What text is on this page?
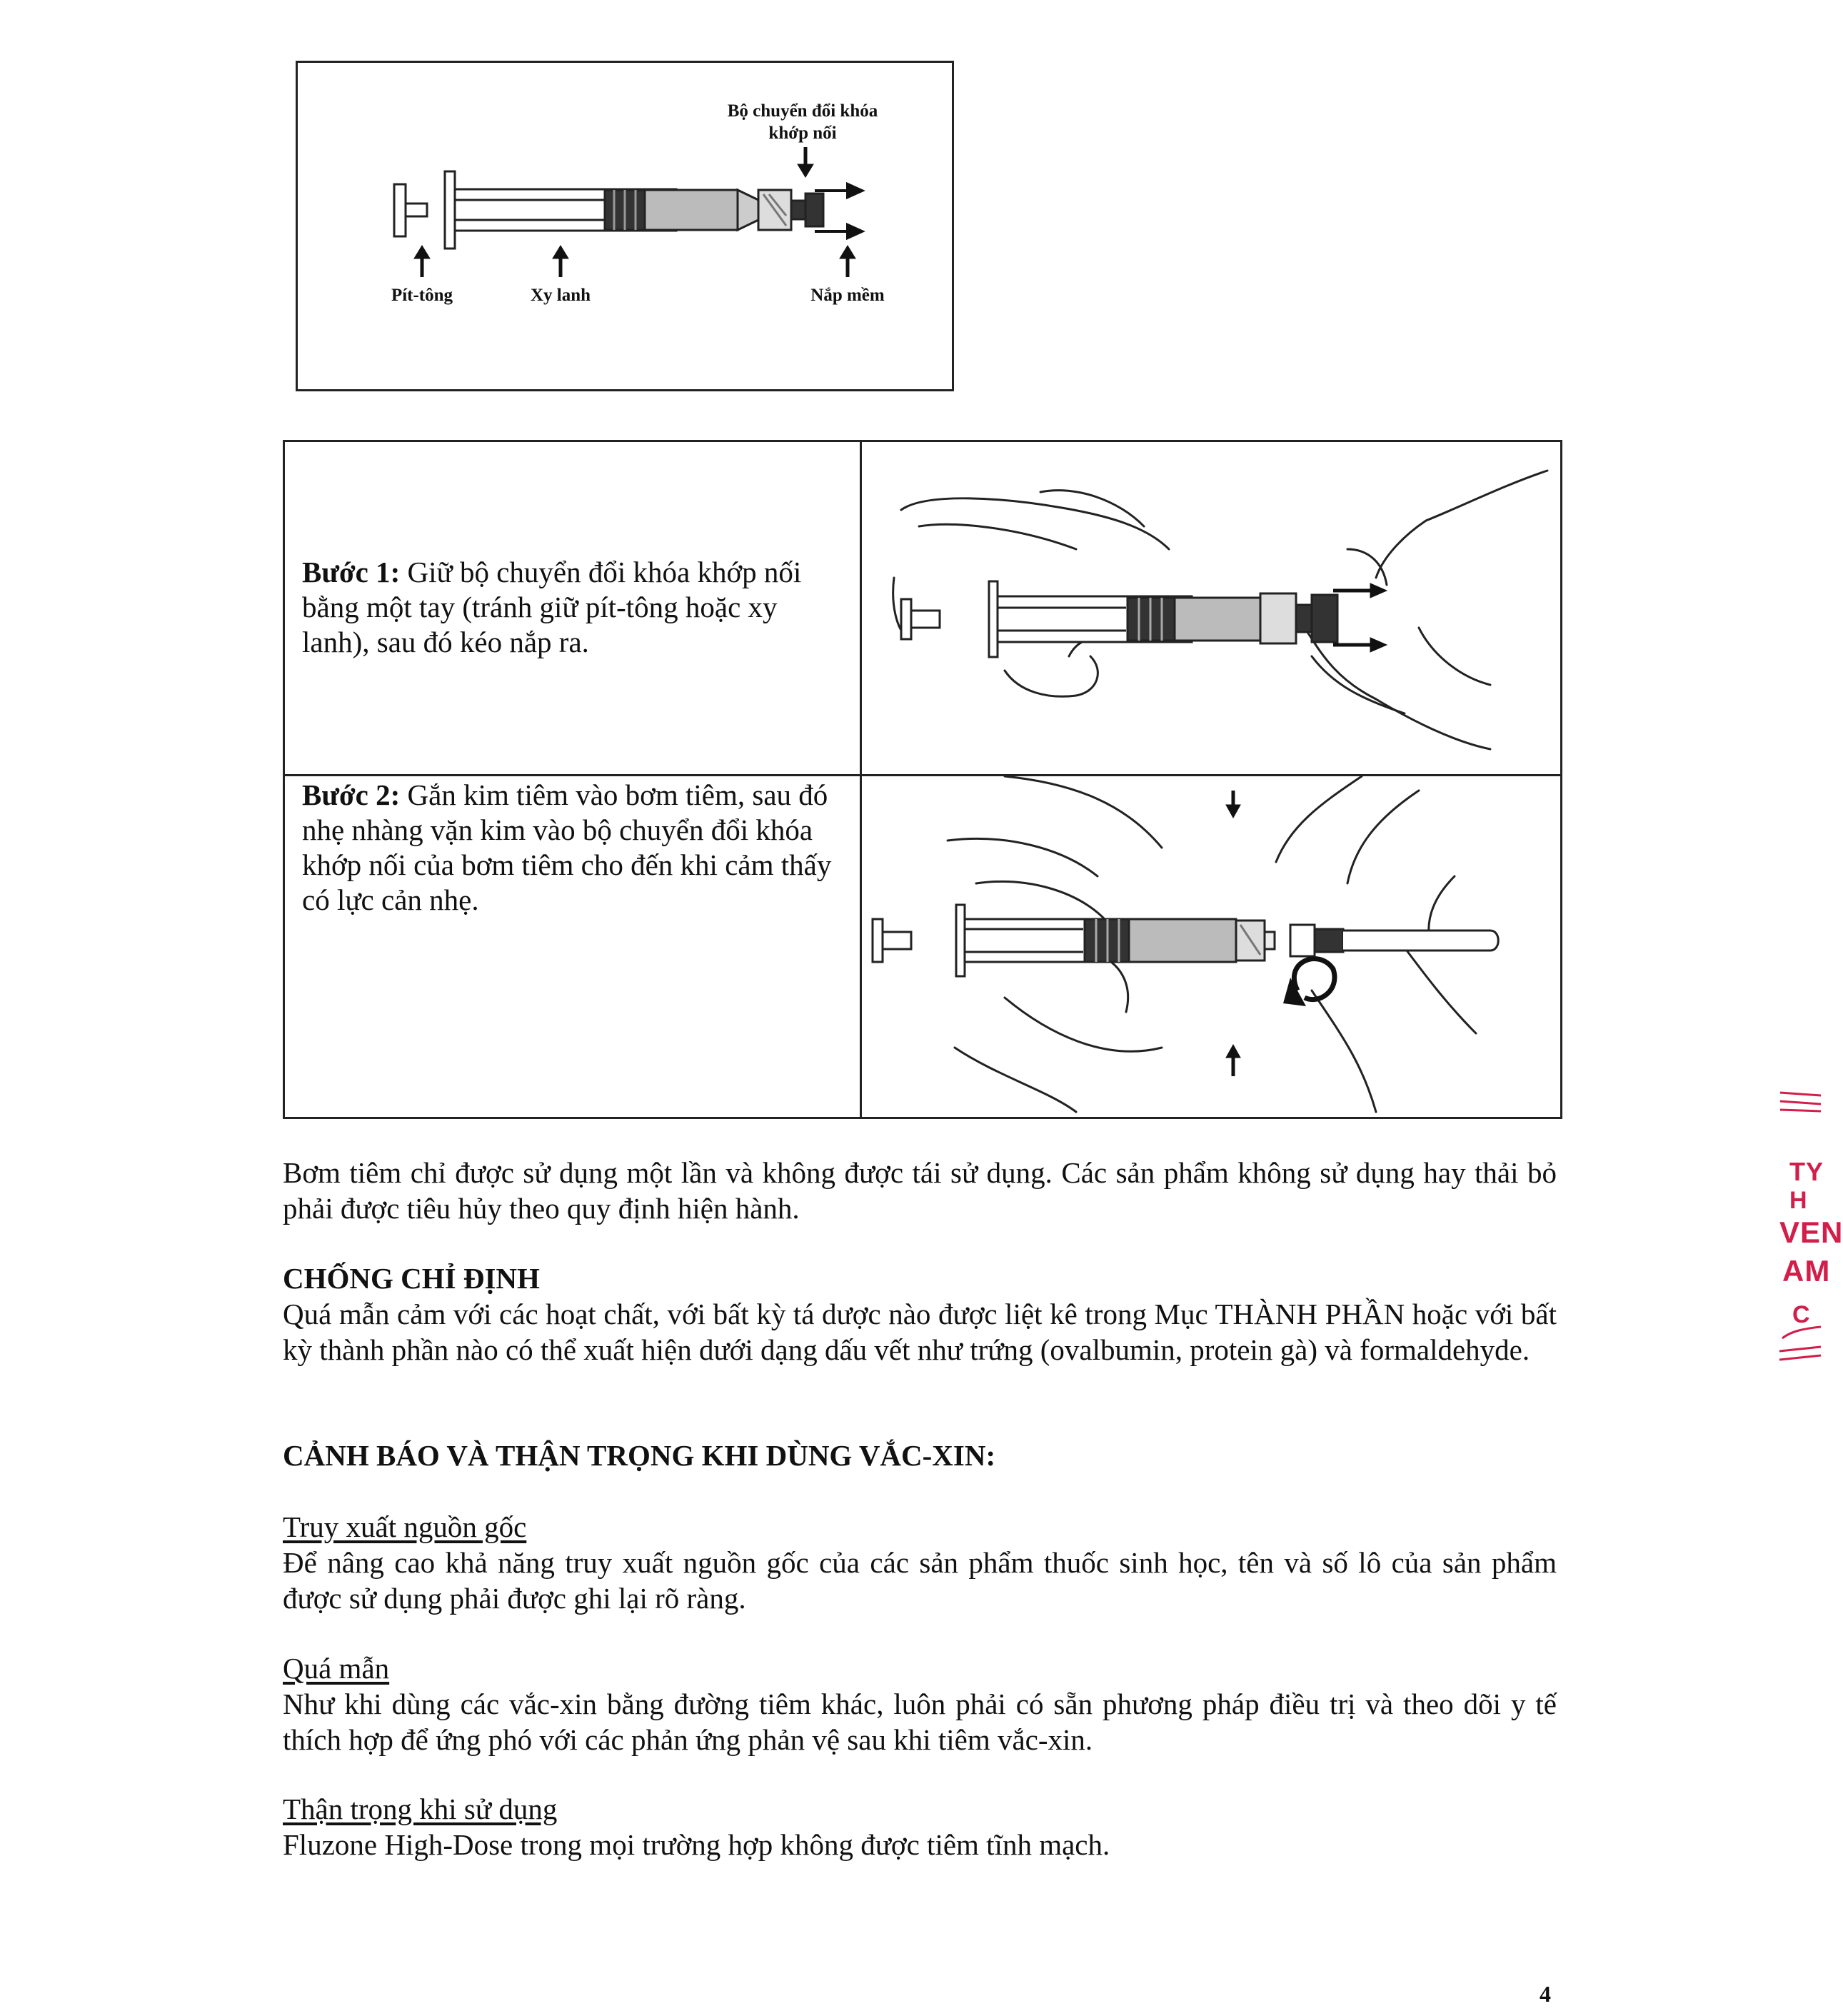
Bộ chuyển đổi khóa khớp nối
Pít-tông	Xy lanh	Nắp mềm
Bước 1: Giữ bộ chuyển đổi khóa khớp nối bằng một tay (tránh giữ pít-tông hoặc xy lanh), sau đó kéo nắp ra.
Bước 2: Gắn kim tiêm vào bơm tiêm, sau đó nhẹ nhàng vặn kim vào bộ chuyển đổi khóa khớp nối của bơm tiêm cho đến khi cảm thấy có lực cản nhẹ.
Bơm tiêm chỉ được sử dụng một lần và không được tái sử dụng. Các sản phẩm không sử dụng hay thải bỏ phải được tiêu hủy theo quy định hiện hành.
CHỐNG CHỈ ĐỊNH
Quá mẫn cảm với các hoạt chất, với bất kỳ tá dược nào được liệt kê trong Mục THÀNH PHẦN hoặc với bất kỳ thành phần nào có thể xuất hiện dưới dạng dấu vết như trứng (ovalbumin, protein gà) và formaldehyde.
CẢNH BÁO VÀ THẬN TRỌNG KHI DÙNG VẮC-XIN:
Truy xuất nguồn gốc
Để nâng cao khả năng truy xuất nguồn gốc của các sản phẩm thuốc sinh học, tên và số lô của sản phẩm được sử dụng phải được ghi lại rõ ràng.
Quá mẫn
Như khi dùng các vắc-xin bằng đường tiêm khác, luôn phải có sẵn phương pháp điều trị và theo dõi y tế thích hợp để ứng phó với các phản ứng phản vệ sau khi tiêm vắc-xin.
Thận trọng khi sử dụng
Fluzone High-Dose trong mọi trường hợp không được tiêm tĩnh mạch.
TY
H
VEN
AM
C
4
